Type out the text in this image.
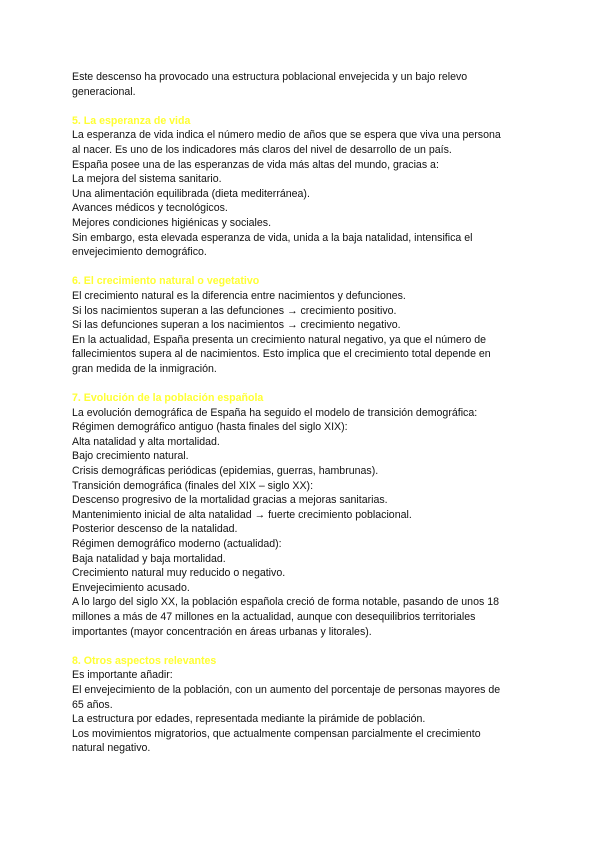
Este descenso ha provocado una estructura poblacional envejecida y un bajo relevo

generacional.

5. La esperanza de vida

La esperanza de vida indica el número medio de años que se espera que viva una persona

al nacer. Es uno de los indicadores más claros del nivel de desarrollo de un país.

España posee una de las esperanzas de vida más altas del mundo, gracias a:

La mejora del sistema sanitario.

Una alimentación equilibrada (dieta mediterránea).

Avances médicos y tecnológicos.

Mejores condiciones higiénicas y sociales.

Sin embargo, esta elevada esperanza de vida, unida a la baja natalidad, intensifica el

envejecimiento demográfico.

6. El crecimiento natural o vegetativo

El crecimiento natural es la diferencia entre nacimientos y defunciones.

Si los nacimientos superan a las defunciones → crecimiento positivo.

Si las defunciones superan a los nacimientos → crecimiento negativo.

En la actualidad, España presenta un crecimiento natural negativo, ya que el número de

fallecimientos supera al de nacimientos. Esto implica que el crecimiento total depende en

gran medida de la inmigración.

7. Evolución de la población española

La evolución demográfica de España ha seguido el modelo de transición demográfica:

Régimen demográfico antiguo (hasta finales del siglo XIX):

Alta natalidad y alta mortalidad.

Bajo crecimiento natural.

Crisis demográficas periódicas (epidemias, guerras, hambrunas).

Transición demográfica (finales del XIX – siglo XX):

Descenso progresivo de la mortalidad gracias a mejoras sanitarias.

Mantenimiento inicial de alta natalidad → fuerte crecimiento poblacional.

Posterior descenso de la natalidad.

Régimen demográfico moderno (actualidad):

Baja natalidad y baja mortalidad.

Crecimiento natural muy reducido o negativo.

Envejecimiento acusado.

A lo largo del siglo XX, la población española creció de forma notable, pasando de unos 18

millones a más de 47 millones en la actualidad, aunque con desequilibrios territoriales

importantes (mayor concentración en áreas urbanas y litorales).

8. Otros aspectos relevantes

Es importante añadir:

El envejecimiento de la población, con un aumento del porcentaje de personas mayores de

65 años.

La estructura por edades, representada mediante la pirámide de población.

Los movimientos migratorios, que actualmente compensan parcialmente el crecimiento

natural negativo.
